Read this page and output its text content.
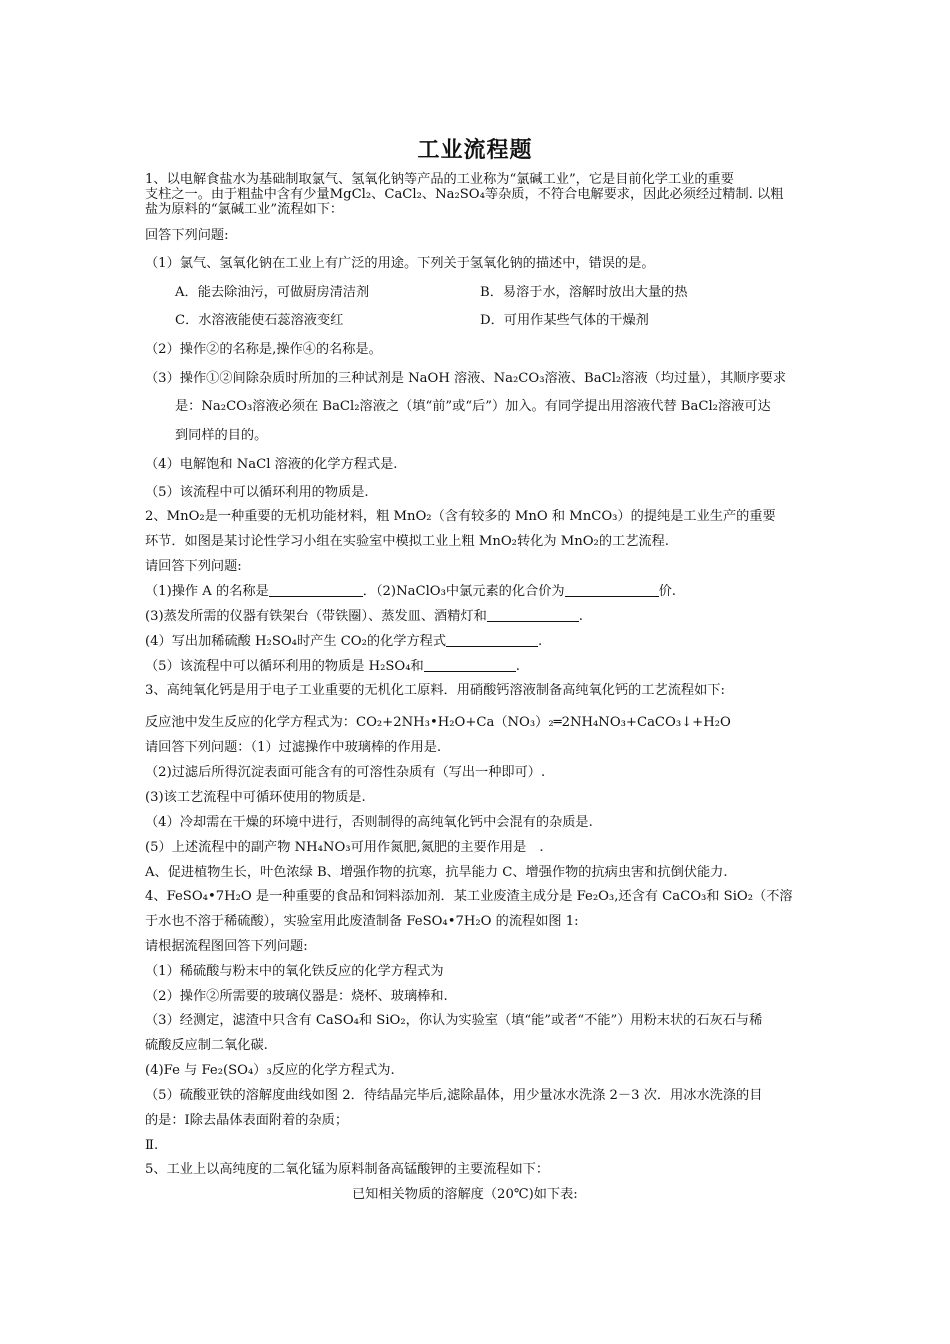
工业流程题
1、以电解食盐水为基础制取氯气、氢氧化钠等产品的工业称为“氯碱工业”，它是目前化学工业的重要
支柱之一。由于粗盐中含有少量MgCl₂、CaCl₂、Na₂SO₄等杂质，不符合电解要求，因此必须经过精制. 以粗
盐为原料的“氯碱工业”流程如下：
回答下列问题:
（1）氯气、氢氧化钠在工业上有广泛的用途。下列关于氢氧化钠的描述中，错误的是。
A．能去除油污，可做厨房清洁剂	B．易溶于水，溶解时放出大量的热
C．水溶液能使石蕊溶液变红	D．可用作某些气体的干燥剂
（2）操作②的名称是,操作④的名称是。
（3）操作①②间除杂质时所加的三种试剂是 NaOH 溶液、Na₂CO₃溶液、BaCl₂溶液（均过量），其顺序要求
是：Na₂CO₃溶液必须在 BaCl₂溶液之（填“前”或“后”）加入。有同学提出用溶液代替 BaCl₂溶液可达
到同样的目的。
（4）电解饱和 NaCl 溶液的化学方程式是.
（5）该流程中可以循环利用的物质是.
2、MnO₂是一种重要的无机功能材料，粗 MnO₂（含有较多的 MnO 和 MnCO₃）的提纯是工业生产的重要
环节．如图是某讨论性学习小组在实验室中模拟工业上粗 MnO₂转化为 MnO₂的工艺流程.
请回答下列问题:
（1)操作 A 的名称是	．（2)NaClO₃中氯元素的化合价为	价.
(3)蒸发所需的仪器有铁架台（带铁圈）、蒸发皿、酒精灯和	.
(4）写出加稀硫酸 H₂SO₄时产生 CO₂的化学方程式	.
（5）该流程中可以循环利用的物质是 H₂SO₄和	.
3、高纯氧化钙是用于电子工业重要的无机化工原料．用硝酸钙溶液制备高纯氧化钙的工艺流程如下:
反应池中发生反应的化学方程式为：CO₂+2NH₃•H₂O+Ca（NO₃）₂═2NH₄NO₃+CaCO₃↓+H₂O
请回答下列问题：（1）过滤操作中玻璃棒的作用是.
（2)过滤后所得沉淀表面可能含有的可溶性杂质有（写出一种即可）.
(3)该工艺流程中可循环使用的物质是.
（4）冷却需在干燥的环境中进行，否则制得的高纯氧化钙中会混有的杂质是.
(5）上述流程中的副产物 NH₄NO₃可用作氮肥,氮肥的主要作用是　.
A、促进植物生长，叶色浓绿 B、增强作物的抗寒，抗旱能力 C、增强作物的抗病虫害和抗倒伏能力.
4、FeSO₄•7H₂O 是一种重要的食品和饲料添加剂．某工业废渣主成分是 Fe₂O₃,还含有 CaCO₃和 SiO₂（不溶
于水也不溶于稀硫酸），实验室用此废渣制备 FeSO₄•7H₂O 的流程如图 1:
请根据流程图回答下列问题:
（1）稀硫酸与粉末中的氧化铁反应的化学方程式为
（2）操作②所需要的玻璃仪器是：烧杯、玻璃棒和.
（3）经测定，滤渣中只含有 CaSO₄和 SiO₂，你认为实验室（填“能”或者“不能”）用粉末状的石灰石与稀
硫酸反应制二氧化碳.
(4)Fe 与 Fe₂(SO₄）₃反应的化学方程式为.
（5）硫酸亚铁的溶解度曲线如图 2．待结晶完毕后,滤除晶体，用少量冰水洗涤 2－3 次．用冰水洗涤的目
的是：Ⅰ除去晶体表面附着的杂质；
Ⅱ.
5、工业上以高纯度的二氧化锰为原料制备高锰酸钾的主要流程如下：
已知相关物质的溶解度（20℃)如下表:
